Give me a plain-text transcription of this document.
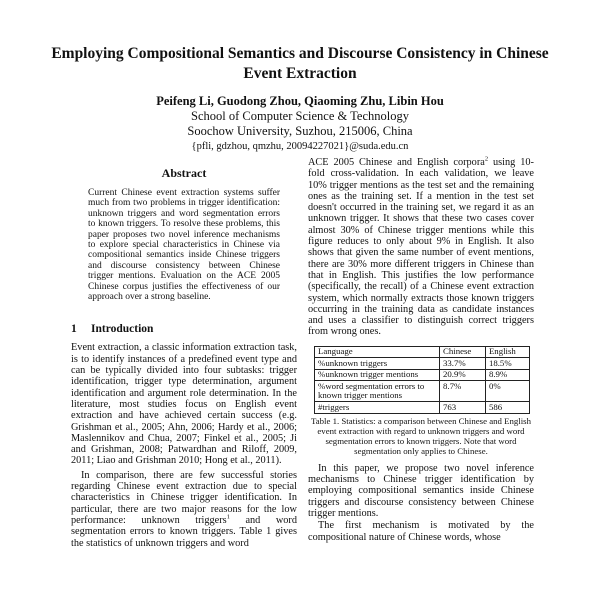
Employing Compositional Semantics and Discourse Consistency in Chinese Event Extraction
Peifeng Li, Guodong Zhou, Qiaoming Zhu, Libin Hou
School of Computer Science & Technology
Soochow University, Suzhou, 215006, China
{pfli, gdzhou, qmzhu, 20094227021}@suda.edu.cn
Abstract

Current Chinese event extraction systems suffer much from two problems in trigger identification: unknown triggers and word segmentation errors to known triggers. To resolve these problems, this paper proposes two novel inference mechanisms to explore special characteristics in Chinese via compositional semantics inside Chinese triggers and discourse consistency between Chinese trigger mentions. Evaluation on the ACE 2005 Chinese corpus justifies the effectiveness of our approach over a strong baseline.

1 Introduction

Event extraction, a classic information extraction task, is to identify instances of a predefined event type and can be typically divided into four subtasks: trigger identification, trigger type determination, argument identification and argument role determination. In the literature, most studies focus on English event extraction and have achieved certain success (e.g. Grishman et al., 2005; Ahn, 2006; Hardy et al., 2006; Maslennikov and Chua, 2007; Finkel et al., 2005; Ji and Grishman, 2008; Patwardhan and Riloff, 2009, 2011; Liao and Grishman 2010; Hong et al., 2011).

In comparison, there are few successful stories regarding Chinese event extraction due to special characteristics in Chinese trigger identification. In particular, there are two major reasons for the low performance: unknown triggers$^1$ and word segmentation errors to known triggers. Table 1 gives the statistics of unknown triggers and word

ACE 2005 Chinese and English corpora$^2$ using 10-fold cross-validation. In each validation, we leave 10% trigger mentions as the test set and the remaining ones as the training set. If a mention in the test set doesn't occurred in the training set, we regard it as an unknown trigger. It shows that these two cases cover almost 30% of Chinese trigger mentions while this figure reduces to only about 9% in English. It also shows that given the same number of event mentions, there are 30% more different triggers in Chinese than that in English. This justifies the low performance (specifically, the recall) of a Chinese event extraction system, which normally extracts those known triggers occurring in the training data as candidate instances and uses a classifier to distinguish correct triggers from wrong ones.

Language	Chinese	English
%unknown triggers	33.7%	18.5%
%unknown trigger mentions	20.9%	8.9%
%word segmentation errors to known trigger mentions	8.7%	0%
#triggers	763	586

Table 1. Statistics: a comparison between Chinese and English event extraction with regard to unknown triggers and word segmentation errors to known triggers. Note that word segmentation only applies to Chinese.

In this paper, we propose two novel inference mechanisms to Chinese trigger identification by employing compositional semantics inside Chinese triggers and discourse consistency between Chinese trigger mentions.

The first mechanism is motivated by the compositional nature of Chinese words, whose
